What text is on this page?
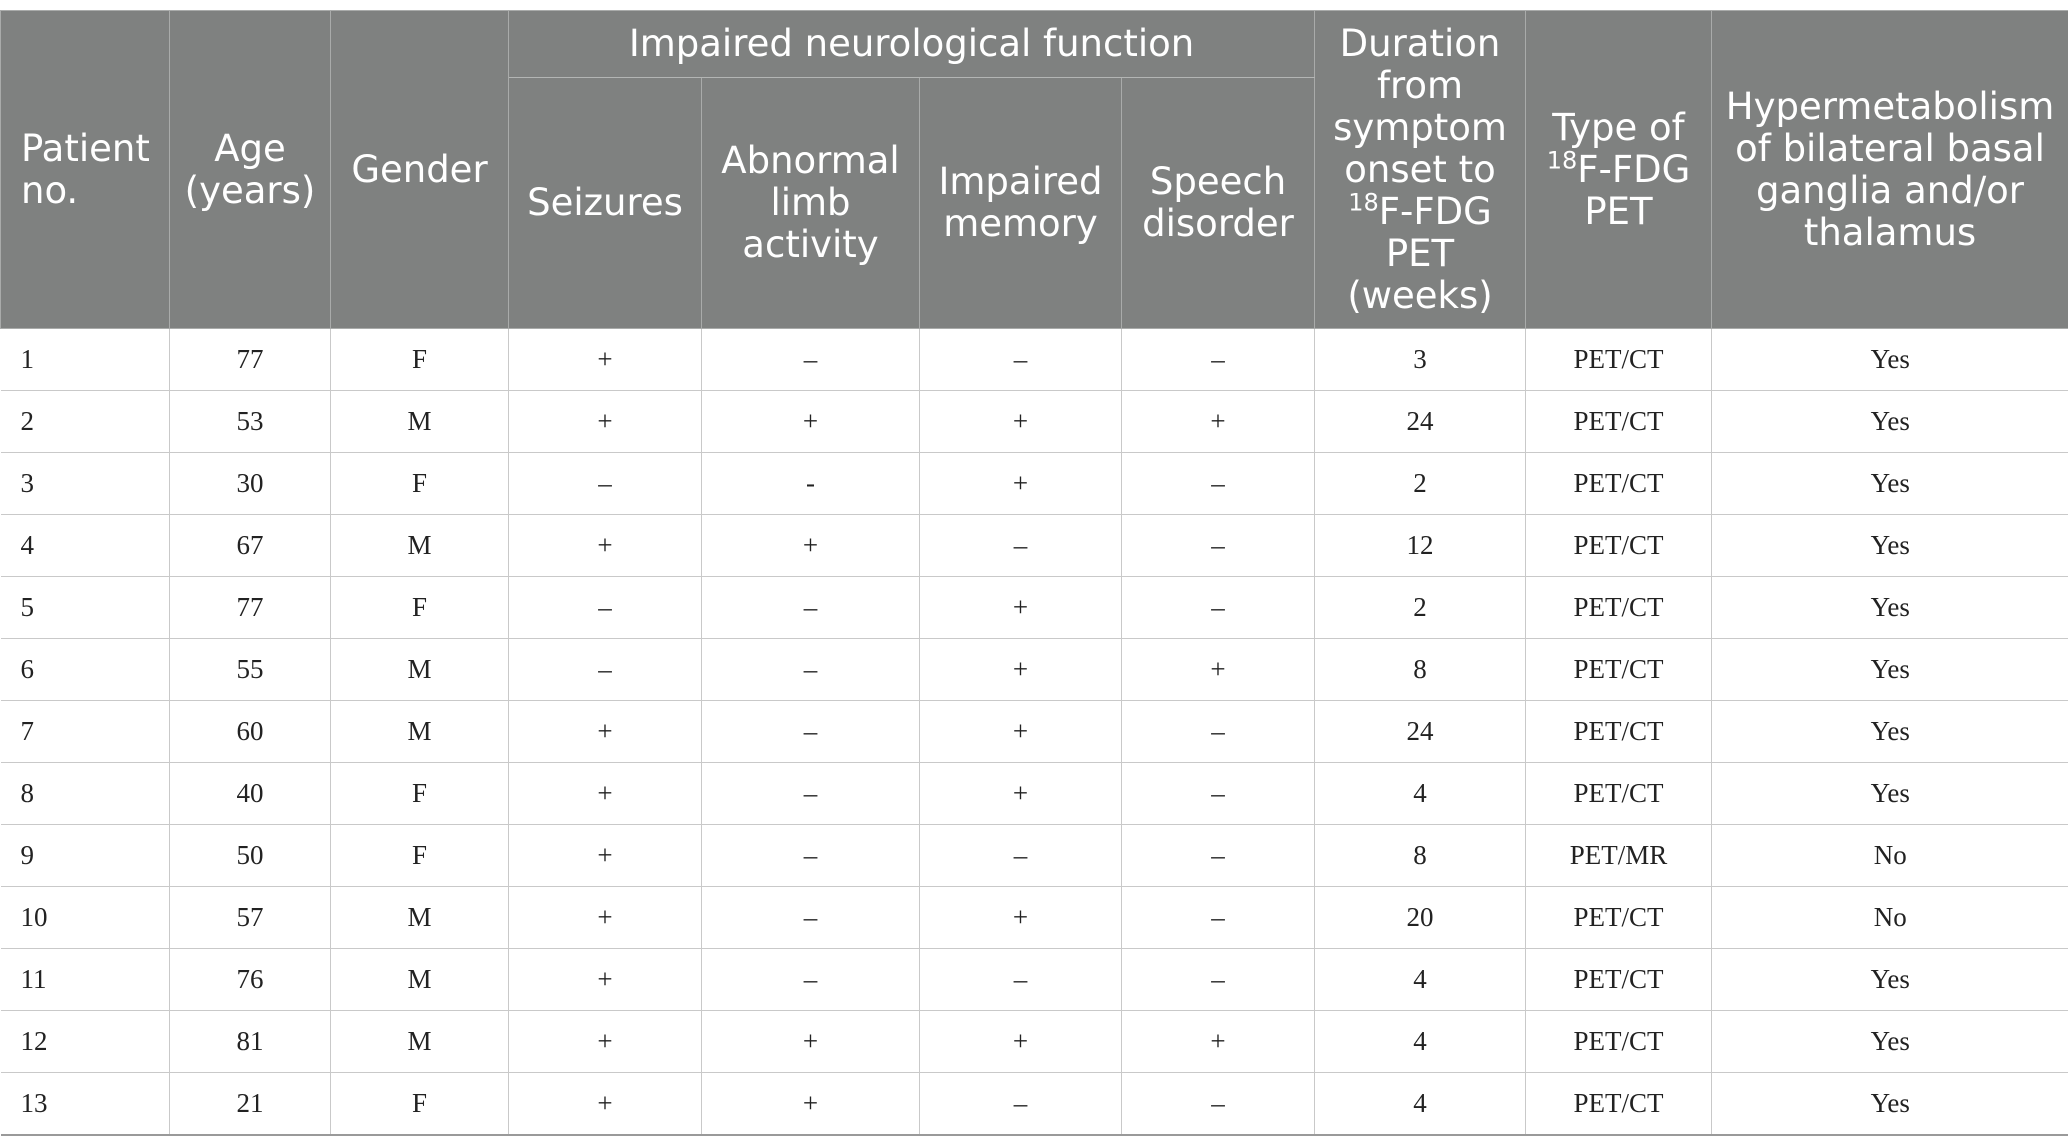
Patient no.	Age (years)	Gender	Impaired neurological function				Duration from symptom onset to $^{18}$F-FDG PET (weeks)	Type of $^{18}$F-FDG PET	Hypermetabolism of bilateral basal ganglia and/or thalamus
			Seizures	Abnormal limb activity	Impaired memory	Speech disorder			
1	77	F	+	–	–	–	3	PET/CT	Yes
2	53	M	+	+	+	+	24	PET/CT	Yes
3	30	F	–	-	+	–	2	PET/CT	Yes
4	67	M	+	+	–	–	12	PET/CT	Yes
5	77	F	–	–	+	–	2	PET/CT	Yes
6	55	M	–	–	+	+	8	PET/CT	Yes
7	60	M	+	–	+	–	24	PET/CT	Yes
8	40	F	+	–	+	–	4	PET/CT	Yes
9	50	F	+	–	–	–	8	PET/MR	No
10	57	M	+	–	+	–	20	PET/CT	No
11	76	M	+	–	–	–	4	PET/CT	Yes
12	81	M	+	+	+	+	4	PET/CT	Yes
13	21	F	+	+	–	–	4	PET/CT	Yes
